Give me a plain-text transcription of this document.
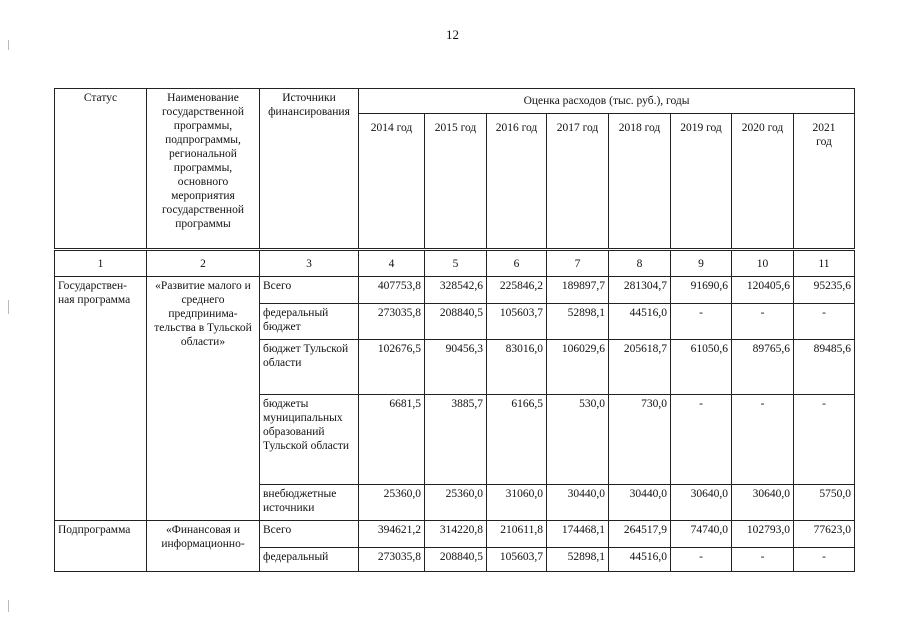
12
Статус	Наименование государственной программы, подпрограммы, региональной программы, основного мероприятия государственной программы	Источники финансирования	Оценка расходов (тыс. руб.), годы							
			2014 год	2015 год	2016 год	2017 год	2018 год	2019 год	2020 год	2021 год
1	2	3	4	5	6	7	8	9	10	11
Государствен-ная программа	«Развитие малого и среднего предпринима-тельства в Тульской области»	Всего	407753,8	328542,6	225846,2	189897,7	281304,7	91690,6	120405,6	95235,6
		федеральный бюджет	273035,8	208840,5	105603,7	52898,1	44516,0	-	-	-
		бюджет Тульской области	102676,5	90456,3	83016,0	106029,6	205618,7	61050,6	89765,6	89485,6
		бюджеты муниципальных образований Тульской области	6681,5	3885,7	6166,5	530,0	730,0	-	-	-
		внебюджетные источники	25360,0	25360,0	31060,0	30440,0	30440,0	30640,0	30640,0	5750,0
Подпрограмма	«Финансовая и информационно-	Всего	394621,2	314220,8	210611,8	174468,1	264517,9	74740,0	102793,0	77623,0
		федеральный	273035,8	208840,5	105603,7	52898,1	44516,0	-	-	-
